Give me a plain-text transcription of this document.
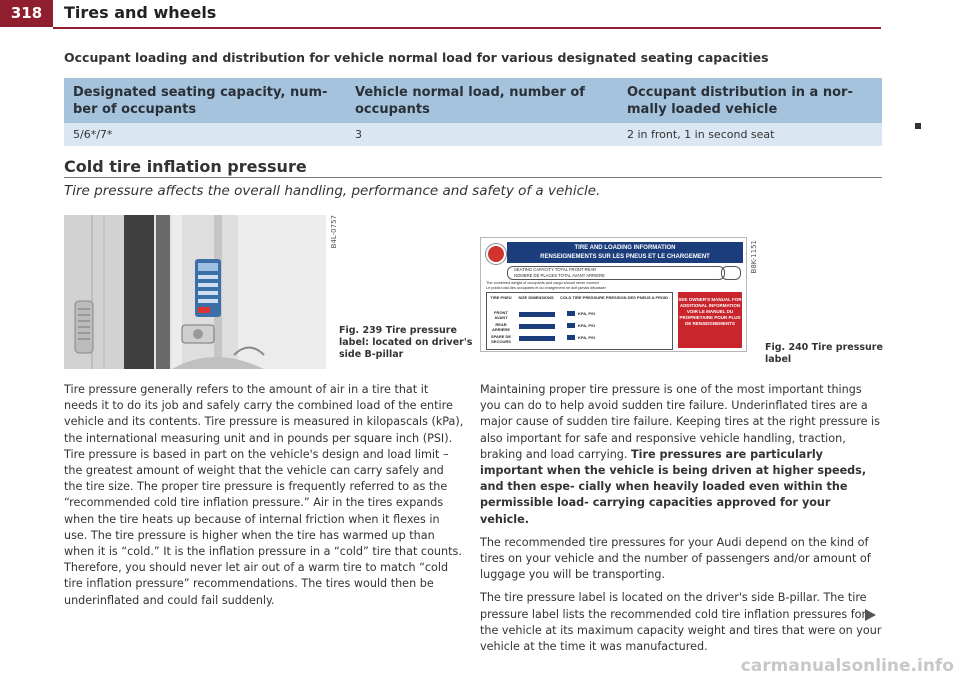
318	Tires and wheels
Occupant loading and distribution for vehicle normal load for various designated seating capacities
Designated seating capacity, num- ber of occupants	Vehicle normal load, number of occupants	Occupant distribution in a nor- mally loaded vehicle
5/6*/7*	3	2 in front, 1 in second seat
Cold tire inflation pressure
Tire pressure affects the overall handling, performance and safety of a vehicle.
B4L-0757
Fig. 239 Tire pressure label: located on driver's side B-pillar
TIRE AND LOADING INFORMATION
RENSEIGNEMENTS SUR LES PNEUS ET LE CHARGEMENT
SEATING CAPACITY TOTAL FRONT REAR
NOMBRE DE PLACES TOTAL AVANT ARRIERE
The combined weight of occupants and cargo should never exceed
Le poids total des occupants et du chargement ne doit jamais dépasser
TIRE PNEU	SIZE DIMENSIONS	COLD TIRE PRESSURE PRESSION DES PNEUS A FROID
FRONT AVANT
KPA, PSI
REAR ARRIERE
KPA, PSI
SPARE DE SECOURS
KPA, PSI
SEE OWNER'S MANUAL FOR ADDITIONAL INFORMATION VOIR LE MANUEL DU PROPRIETAIRE POUR PLUS DE RENSEIGNEMENTS
B8K-1151
Fig. 240 Tire pressure label

Tire pressure generally refers to the amount of air in a tire that it needs it to do its job and safely carry the combined load of the entire vehicle and its contents. Tire pressure is measured in kilopascals (kPa), the international measuring unit and in pounds per square inch (PSI). Tire pressure is based in part on the vehicle's design and load limit – the greatest amount of weight that the vehicle can carry safely and the tire size. The proper tire pressure is frequently referred to as the “recommended cold tire inflation pressure.” Air in the tires expands when the tire heats up because of internal friction when it flexes in use. The tire pressure is higher when the tire has warmed up than when it is “cold.” It is the inflation pressure in a “cold” tire that counts. Therefore, you should never let air out of a warm tire to match “cold tire inflation pressure” recommendations. The tires would then be underinflated and could fail suddenly.

Maintaining proper tire pressure is one of the most important things you can do to help avoid sudden tire failure. Underinflated tires are a major cause of sudden tire failure. Keeping tires at the right pressure is also important for safe and responsive vehicle handling, traction, braking and load carrying. Tire pressures are particularly important when the vehicle is being driven at higher speeds, and then espe- cially when heavily loaded even within the permissible load- carrying capacities approved for your vehicle.

The recommended tire pressures for your Audi depend on the kind of tires on your vehicle and the number of passengers and/or amount of luggage you will be transporting.

The tire pressure label is located on the driver's side B-pillar. The tire pressure label lists the recommended cold tire inflation pressures for the vehicle at its maximum capacity weight and tires that were on your vehicle at the time it was manufactured.

carmanualsonline.info
